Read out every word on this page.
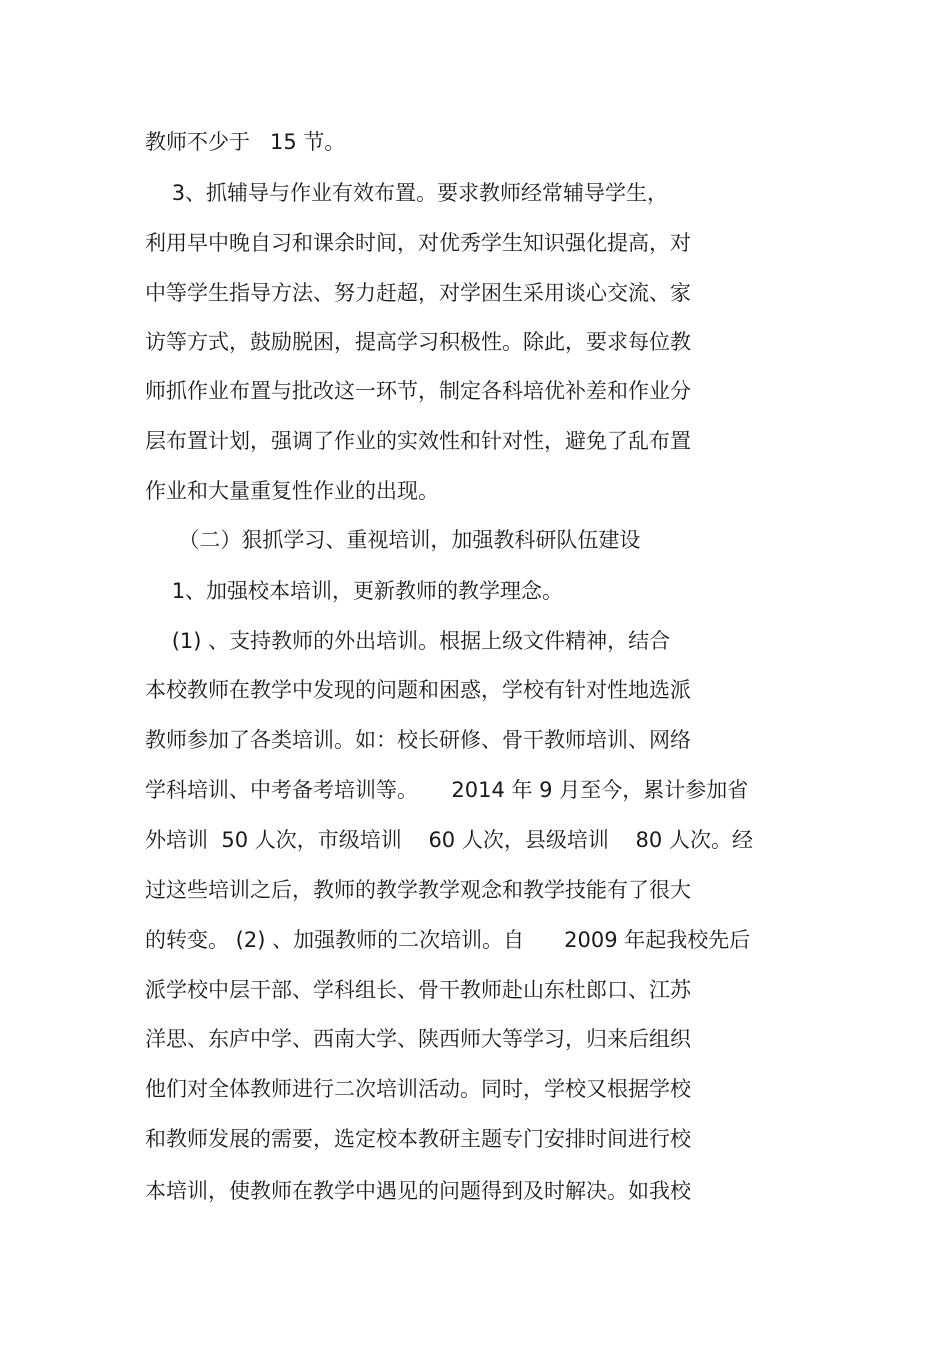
教师不少于   15 节。
3、抓辅导与作业有效布置。要求教师经常辅导学生，
利用早中晚自习和课余时间，对优秀学生知识强化提高，对
中等学生指导方法、努力赶超，对学困生采用谈心交流、家
访等方式，鼓励脱困，提高学习积极性。除此，要求每位教
师抓作业布置与批改这一环节，制定各科培优补差和作业分
层布置计划，强调了作业的实效性和针对性，避免了乱布置
作业和大量重复性作业的出现。
（二）狠抓学习、重视培训，加强教科研队伍建设
1、加强校本培训，更新教师的教学理念。
(1) 、支持教师的外出培训。根据上级文件精神，结合
本校教师在教学中发现的问题和困惑，学校有针对性地选派
教师参加了各类培训。如：校长研修、骨干教师培训、网络
学科培训、中考备考培训等。     2014 年 9 月至今，累计参加省
外培训  50 人次，市级培训    60 人次，县级培训    80 人次。经
过这些培训之后，教师的教学教学观念和教学技能有了很大
的转变。 (2) 、加强教师的二次培训。自      2009 年起我校先后
派学校中层干部、学科组长、骨干教师赴山东杜郎口、江苏
洋思、东庐中学、西南大学、陕西师大等学习，归来后组织
他们对全体教师进行二次培训活动。同时，学校又根据学校
和教师发展的需要，选定校本教研主题专门安排时间进行校
本培训，使教师在教学中遇见的问题得到及时解决。如我校
